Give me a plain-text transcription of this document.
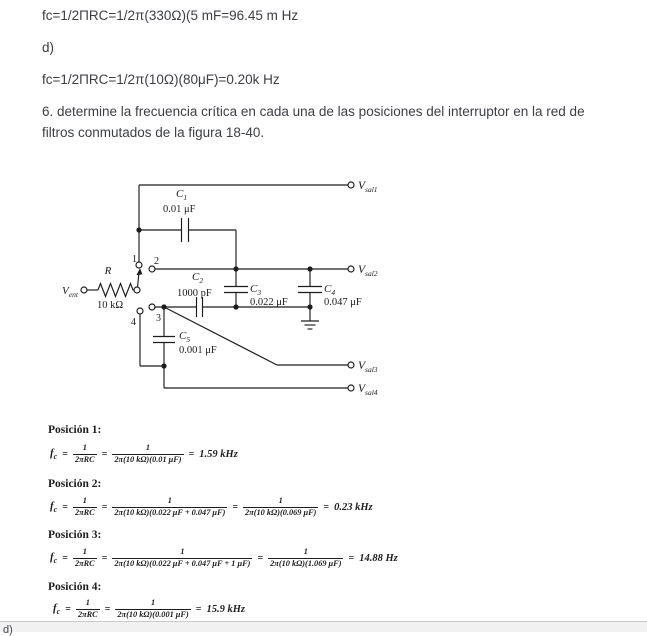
fc=1/2ΠRC=1/2π(330Ω)(5 mF=96.45 m Hz
d)
fc=1/2ΠRC=1/2π(10Ω)(80μF)=0.20k Hz
6. determine la frecuencia crítica en cada una de las posiciones del interruptor en la red de filtros conmutados de la figura 18-40.
$V_{ent}$
R
10 kΩ
1 2
3
4
$C_1$
0.01 μF
$C_3$
0.022 μF
$C_4$
0.047 μF
$C_2$
1000 pF
$C_5$
0.001 μF
$V_{sal1}$
$V_{sal2}$
$V_{sal3}$
$V_{sal4}$
Posición 1:
$f_c = \frac{1}{\text{2πRC}} = \frac{1}{2\pi(10 k\Omega)(0.01 \mu F)} = 1.59$ kHz
Posición 2:
$f_c = \frac{1}{\text{2πRC}} = \frac{1}{2\pi(10 k\Omega)(0.022 \mu F + 0.047 \mu F)} = \frac{1}{2\pi(10 k\Omega)(0.069 \mu F)} = 0.23$ kHz
Posición 3:
$f_c = \frac{1}{\text{2πRC}} = \frac{1}{2\pi(10 k\Omega)(0.022 \mu F + 0.047 \mu F + 1 \mu F)} = \frac{1}{2\pi(10 k\Omega)(1.069 \mu F)} = 14.88$ Hz
Posición 4:
$f_c = \frac{1}{\text{2πRC}} = \frac{1}{2\pi(10 k\Omega)(0.001 \mu F)} = 15.9$ kHz
d)
